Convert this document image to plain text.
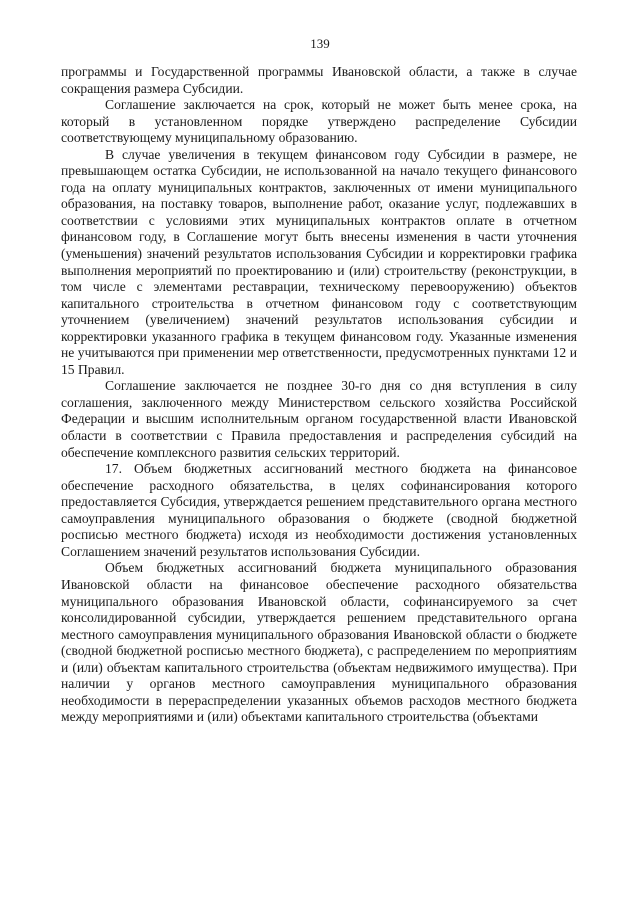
139

программы и Государственной программы Ивановской области, а также в случае сокращения размера Субсидии.

Соглашение заключается на срок, который не может быть менее срока, на который в установленном порядке утверждено распределение Субсидии соответствующему муниципальному образованию.

В случае увеличения в текущем финансовом году Субсидии в размере, не превышающем остатка Субсидии, не использованной на начало текущего финансового года на оплату муниципальных контрактов, заключенных от имени муниципального образования, на поставку товаров, выполнение работ, оказание услуг, подлежавших в соответствии с условиями этих муниципальных контрактов оплате в отчетном финансовом году, в Соглашение могут быть внесены изменения в части уточнения (уменьшения) значений результатов использования Субсидии и корректировки графика выполнения мероприятий по проектированию и (или) строительству (реконструкции, в том числе с элементами реставрации, техническому перевооружению) объектов капитального строительства в отчетном финансовом году с соответствующим уточнением (увеличением) значений результатов использования субсидии и корректировки указанного графика в текущем финансовом году. Указанные изменения не учитываются при применении мер ответственности, предусмотренных пунктами 12 и 15 Правил.

Соглашение заключается не позднее 30-го дня со дня вступления в силу соглашения, заключенного между Министерством сельского хозяйства Российской Федерации и высшим исполнительным органом государственной власти Ивановской области в соответствии с Правила предоставления и распределения субсидий на обеспечение комплексного развития сельских территорий.

17. Объем бюджетных ассигнований местного бюджета на финансовое обеспечение расходного обязательства, в целях софинансирования которого предоставляется Субсидия, утверждается решением представительного органа местного самоуправления муниципального образования о бюджете (сводной бюджетной росписью местного бюджета) исходя из необходимости достижения установленных Соглашением значений результатов использования Субсидии.

Объем бюджетных ассигнований бюджета муниципального образования Ивановской области на финансовое обеспечение расходного обязательства муниципального образования Ивановской области, софинансируемого за счет консолидированной субсидии, утверждается решением представительного органа местного самоуправления муниципального образования Ивановской области о бюджете (сводной бюджетной росписью местного бюджета), с распределением по мероприятиям и (или) объектам капитального строительства (объектам недвижимого имущества). При наличии у органов местного самоуправления муниципального образования необходимости в перераспределении указанных объемов расходов местного бюджета между мероприятиями и (или) объектами капитального строительства (объектами
